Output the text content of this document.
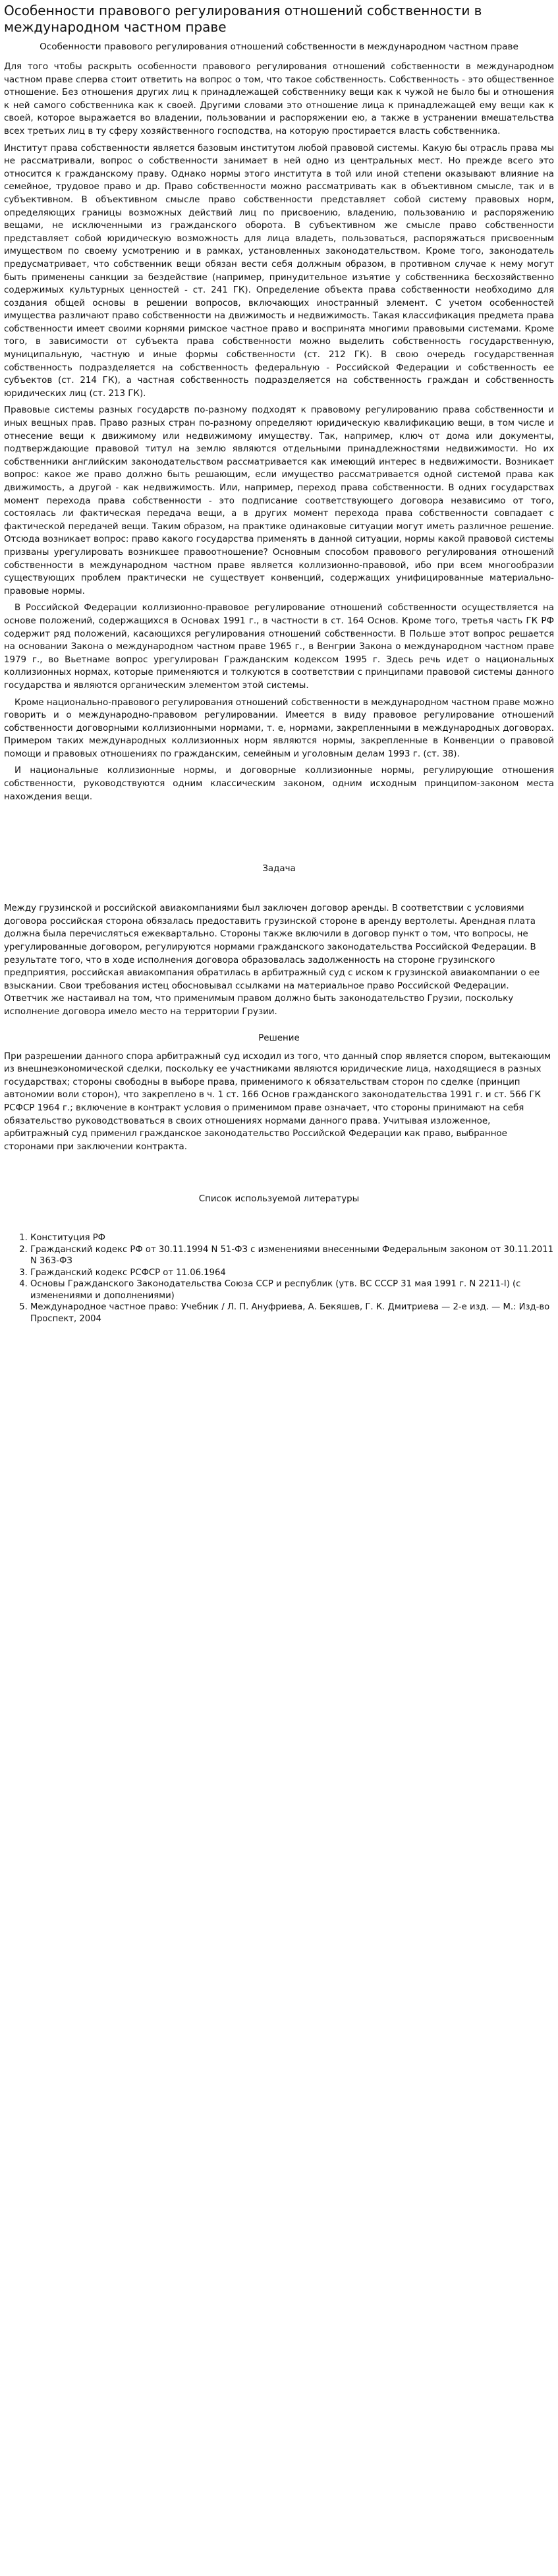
Особенности правового регулирования отношений собственности в международном частном праве
Особенности правового регулирования отношений собственности в международном частном праве

Для того чтобы раскрыть особенности правового регулирования отношений собственности в международном частном праве сперва стоит ответить на вопрос о том, что такое собственность. Собственность - это общественное отношение. Без отношения других лиц к принадлежащей собственнику вещи как к чужой не было бы и отношения к ней самого собственника как к своей. Другими словами это отношение лица к принадлежащей ему вещи как к своей, которое выражается во владении, пользовании и распоряжении ею, а также в устранении вмешательства всех третьих лиц в ту сферу хозяйственного господства, на которую простирается власть собственника.

Институт права собственности является базовым институтом любой правовой системы. Какую бы отрасль права мы не рассматривали, вопрос о собственности занимает в ней одно из центральных мест. Но прежде всего это относится к гражданскому праву. Однако нормы этого института в той или иной степени оказывают влияние на семейное, трудовое право и др. Право собственности можно рассматривать как в объективном смысле, так и в субъективном. В объективном смысле право собственности представляет собой систему правовых норм, определяющих границы возможных действий лиц по присвоению, владению, пользованию и распоряжению вещами, не исключенными из гражданского оборота. В субъективном же смысле право собственности представляет собой юридическую возможность для лица владеть, пользоваться, распоряжаться присвоенным имуществом по своему усмотрению и в рамках, установленных законодательством. Кроме того, законодатель предусматривает, что собственник вещи обязан вести себя должным образом, в противном случае к нему могут быть применены санкции за бездействие (например, принудительное изъятие у собственника бесхозяйственно содержимых культурных ценностей - ст. 241 ГК). Определение объекта права собственности необходимо для создания общей основы в решении вопросов, включающих иностранный элемент. С учетом особенностей имущества различают право собственности на движимость и недвижимость. Такая классификация предмета права собственности имеет своими корнями римское частное право и воспринята многими правовыми системами. Кроме того, в зависимости от субъекта права собственности можно выделить собственность государственную, муниципальную, частную и иные формы собственности (ст. 212 ГК). В свою очередь государственная собственность подразделяется на собственность федеральную - Российской Федерации и собственность ее субъектов (ст. 214 ГК), а частная собственность подразделяется на собственность граждан и собственность юридических лиц (ст. 213 ГК).

Правовые системы разных государств по-разному подходят к правовому регулированию права собственности и иных вещных прав. Право разных стран по-разному определяют юридическую квалификацию вещи, в том числе и отнесение вещи к движимому или недвижимому имуществу. Так, например, ключ от дома или документы, подтверждающие правовой титул на землю являются отдельными принадлежностями недвижимости. Но их собственники английским законодательством рассматривается как имеющий интерес в недвижимости. Возникает вопрос: какое же право должно быть решающим, если имущество рассматривается одной системой права как движимость, а другой - как недвижимость. Или, например, переход права собственности. В одних государствах момент перехода права собственности - это подписание соответствующего договора независимо от того, состоялась ли фактическая передача вещи, а в других момент перехода права собственности совпадает с фактической передачей вещи. Таким образом, на практике одинаковые ситуации могут иметь различное решение. Отсюда возникает вопрос: право какого государства применять в данной ситуации, нормы какой правовой системы призваны урегулировать возникшее правоотношение? Основным способом правового регулирования отношений собственности в международном частном праве является коллизионно-правовой, ибо при всем многообразии существующих проблем практически не существует конвенций, содержащих унифицированные материально-правовые нормы.

В Российской Федерации коллизионно-правовое регулирование отношений собственности осуществляется на основе положений, содержащихся в Основах 1991 г., в частности в ст. 164 Основ. Кроме того, третья часть ГК РФ содержит ряд положений, касающихся регулирования отношений собственности. В Польше этот вопрос решается на основании Закона о международном частном праве 1965 г., в Венгрии Закона о международном частном праве 1979 г., во Вьетнаме вопрос урегулирован Гражданским кодексом 1995 г. Здесь речь идет о национальных коллизионных нормах, которые применяются и толкуются в соответствии с принципами правовой системы данного государства и являются органическим элементом этой системы.

Кроме национально-правового регулирования отношений собственности в международном частном праве можно говорить и о международно-правовом регулировании. Имеется в виду правовое регулирование отношений собственности договорными коллизионными нормами, т. е, нормами, закрепленными в международных договорах. Примером таких международных коллизионных норм являются нормы, закрепленные в Конвенции о правовой помощи и правовых отношениях по гражданским, семейным и уголовным делам 1993 г. (ст. 38).

И национальные коллизионные нормы, и договорные коллизионные нормы, регулирующие отношения собственности, руководствуются одним классическим законом, одним исходным принципом-законом места нахождения вещи.

Задача

Между грузинской и российской авиакомпаниями был заключен договор аренды. В соответствии с условиями договора российская сторона обязалась предоставить грузинской стороне в аренду вертолеты. Арендная плата должна была перечисляться ежеквартально. Стороны также включили в договор пункт о том, что вопросы, не урегулированные договором, регулируются нормами гражданского законодательства Российской Федерации. В результате того, что в ходе исполнения договора образовалась задолженность на стороне грузинского предприятия, российская авиакомпания обратилась в арбитражный суд с иском к грузинской авиакомпании о ее взыскании. Свои требования истец обосновывал ссылками на материальное право Российской Федерации. Ответчик же настаивал на том, что применимым правом должно быть законодательство Грузии, поскольку исполнение договора имело место на территории Грузии.

Решение

При разрешении данного спора арбитражный суд исходил из того, что данный спор является спором, вытекающим из внешнеэкономической сделки, поскольку ее участниками являются юридические лица, находящиеся в разных государствах; стороны свободны в выборе права, применимого к обязательствам сторон по сделке (принцип автономии воли сторон), что закреплено в ч. 1 ст. 166 Основ гражданского законодательства 1991 г. и ст. 566 ГК РСФСР 1964 г.; включение в контракт условия о применимом праве означает, что стороны принимают на себя обязательство руководствоваться в своих отношениях нормами данного права. Учитывая изложенное, арбитражный суд применил гражданское законодательство Российской Федерации как право, выбранное сторонами при заключении контракта.

Список используемой литературы
1. Конституция РФ
2. Гражданский кодекс РФ от 30.11.1994 N 51-ФЗ с изменениями внесенными Федеральным законом от 30.11.2011 N 363-ФЗ
3. Гражданский кодекс РСФСР от 11.06.1964
4. Основы Гражданского Законодательства Союза ССР и республик (утв. ВС СССР 31 мая 1991 г. N 2211-I) (с изменениями и дополнениями)
5. Международное частное право: Учебник / Л. П. Ануфриева, А. Бекяшев, Г. К. Дмитриева — 2-е изд. — М.: Изд-во Проспект, 2004
